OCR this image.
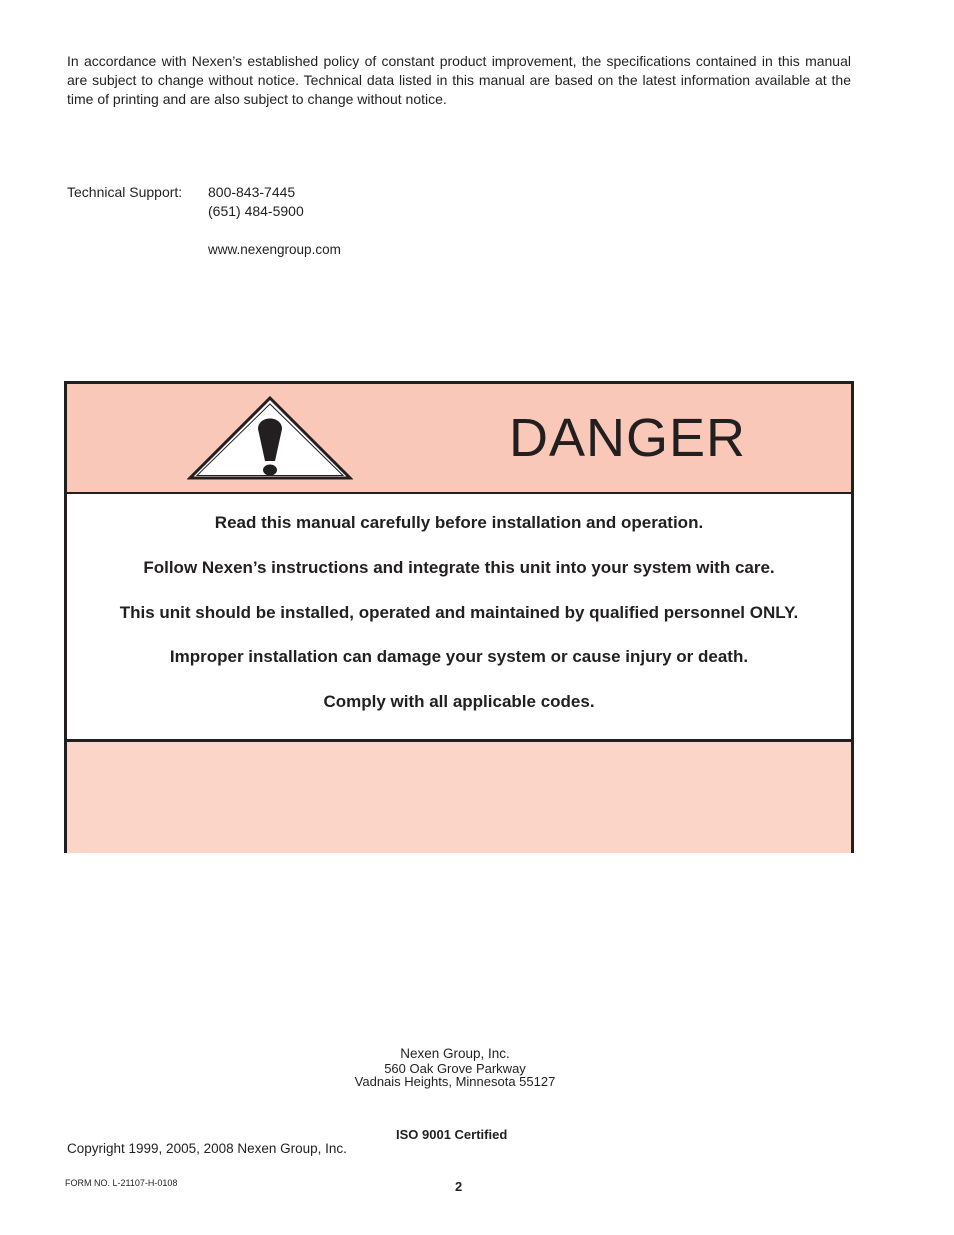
In accordance with Nexen’s established policy of constant product improvement, the specifications contained in this manual are subject to change without notice. Technical data listed in this manual are based on the latest information available at the time of printing and are also subject to change without notice.

Technical Support: 800-843-7445
(651) 484-5900
www.nexengroup.com
DANGER
Read this manual carefully before installation and operation.
Follow Nexen’s instructions and integrate this unit into your system with care.
This unit should be installed, operated and maintained by qualified personnel ONLY.
Improper installation can damage your system or cause injury or death.
Comply with all applicable codes.
Nexen Group, Inc.
560 Oak Grove Parkway
Vadnais Heights, Minnesota 55127
ISO 9001 Certified
Copyright 1999, 2005, 2008 Nexen Group, Inc.
FORM NO. L-21107-H-0108	2
